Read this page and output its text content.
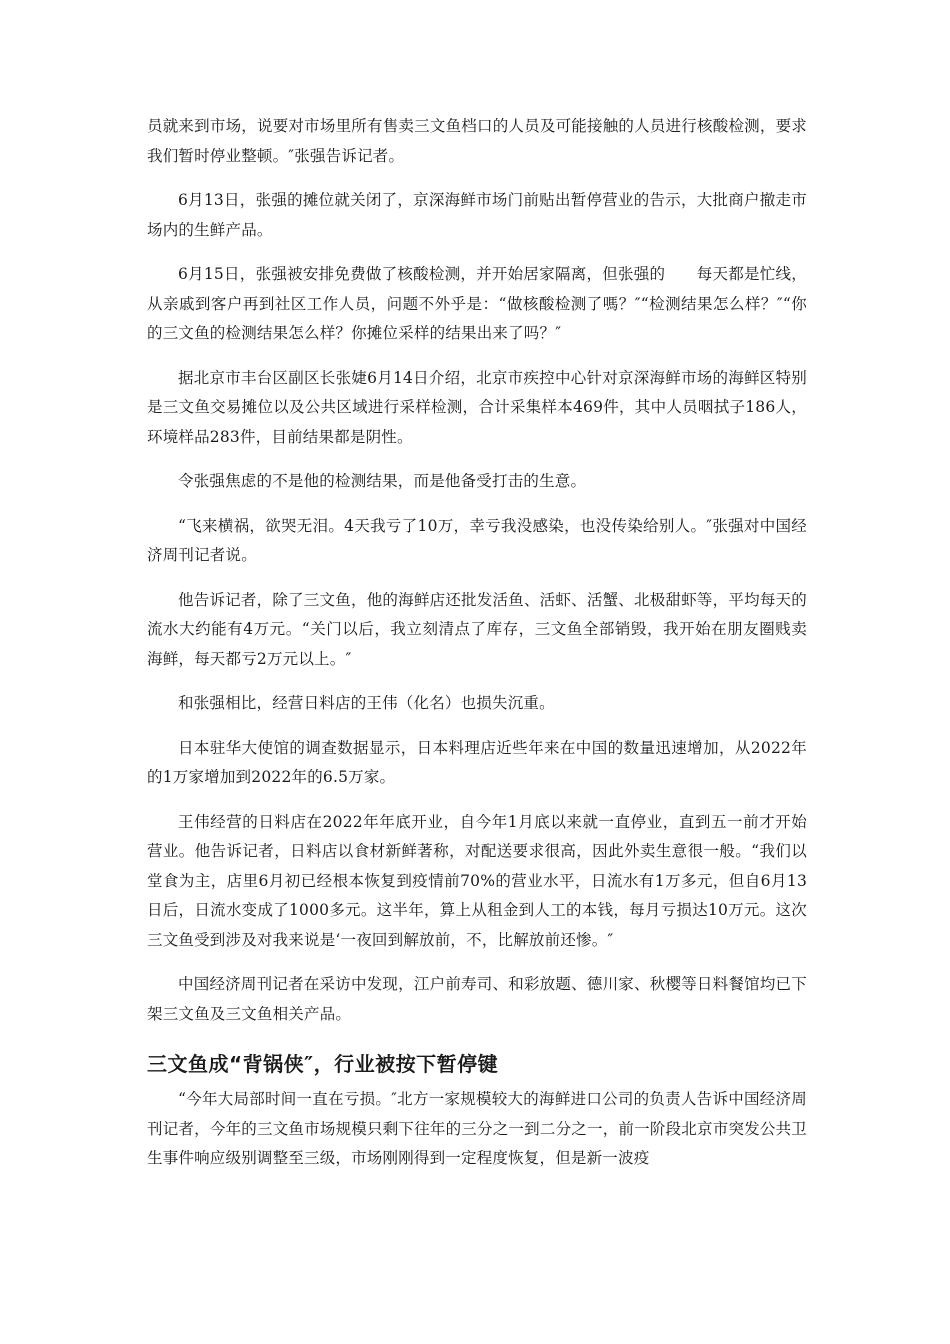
员就来到市场，说要对市场里所有售卖三文鱼档口的人员及可能接触的人员进行核酸检测，要求我们暂时停业整顿。″张强告诉记者。

6月13日，张强的摊位就关闭了，京深海鲜市场门前贴出暂停营业的告示，大批商户撤走市场内的生鲜产品。

6月15日，张强被安排免费做了核酸检测，并开始居家隔离，但张强的　　每天都是忙线，从亲戚到客户再到社区工作人员，问题不外乎是：“做核酸检测了嗎？″“检测结果怎么样？″“你的三文鱼的检测结果怎么样？你摊位采样的结果出来了吗？″

据北京市丰台区副区长张婕6月14日介绍，北京市疾控中心针对京深海鲜市场的海鲜区特别是三文鱼交易摊位以及公共区域进行采样检测，合计采集样本469件，其中人员咽拭子186人，环境样品283件，目前结果都是阴性。

令张强焦虑的不是他的检测结果，而是他备受打击的生意。

“飞来横祸，欲哭无泪。4天我亏了10万，幸亏我没感染，也没传染给别人。″张强对中国经济周刊记者说。

他告诉记者，除了三文鱼，他的海鲜店还批发活鱼、活虾、活蟹、北极甜虾等，平均每天的流水大约能有4万元。“关门以后，我立刻清点了库存，三文鱼全部销毁，我开始在朋友圈贱卖海鲜，每天都亏2万元以上。″

和张强相比，经营日料店的王伟（化名）也损失沉重。

日本驻华大使馆的调查数据显示，日本料理店近些年来在中国的数量迅速增加，从2022年的1万家增加到2022年的6.5万家。

王伟经营的日料店在2022年年底开业，自今年1月底以来就一直停业，直到五一前才开始营业。他告诉记者，日料店以食材新鲜著称，对配送要求很高，因此外卖生意很一般。“我们以堂食为主，店里6月初已经根本恢复到疫情前70%的营业水平，日流水有1万多元，但自6月13日后，日流水变成了1000多元。这半年，算上从租金到人工的本钱，每月亏损达10万元。这次三文鱼受到涉及对我来说是‘一夜回到解放前，不，比解放前还惨。″

中国经济周刊记者在采访中发现，江户前寿司、和彩放题、德川家、秋樱等日料餐馆均已下架三文鱼及三文鱼相关产品。

三文鱼成“背锅侠″，行业被按下暂停键

“今年大局部时间一直在亏损。″北方一家规模较大的海鲜进口公司的负责人告诉中国经济周刊记者，今年的三文鱼市场规模只剩下往年的三分之一到二分之一，前一阶段北京市突发公共卫生事件响应级别调整至三级，市场刚刚得到一定程度恢复，但是新一波疫
